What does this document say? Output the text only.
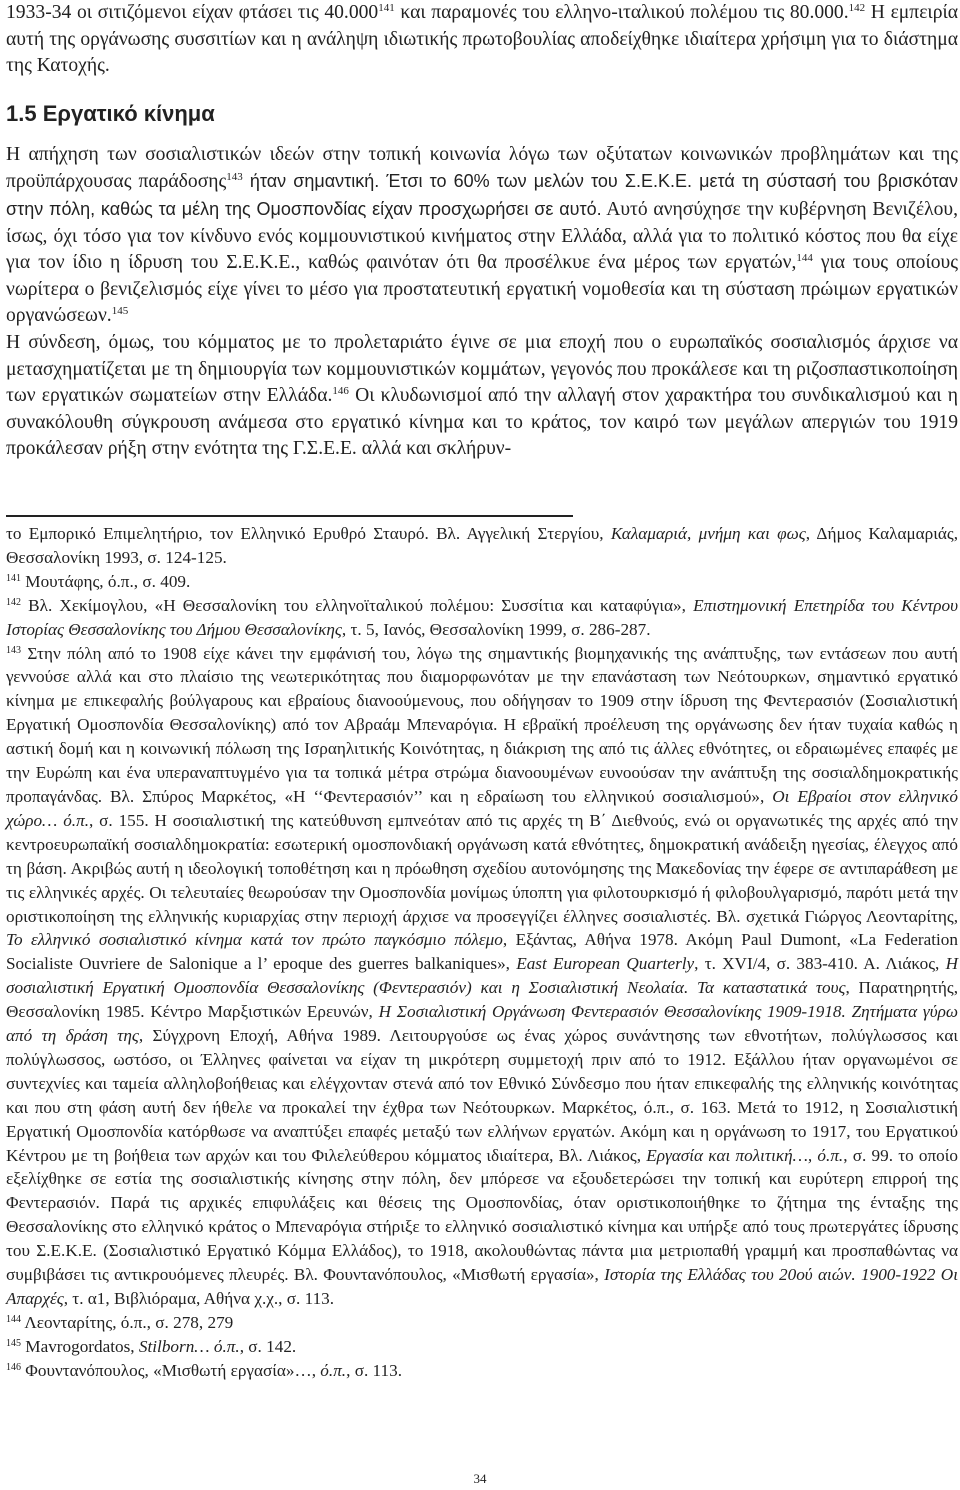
1933-34 οι σιτιζόμενοι είχαν φτάσει τις 40.000$^{141}$ και παραμονές του ελληνο-ιταλικού πολέμου τις 80.000.$^{142}$ Η εμπειρία αυτή της οργάνωσης συσσιτίων και η ανάληψη ιδιωτικής πρωτοβουλίας αποδείχθηκε ιδιαίτερα χρήσιμη για το διάστημα της Κατοχής.

1.5 Εργατικό κίνημα

Η απήχηση των σοσιαλιστικών ιδεών στην τοπική κοινωνία λόγω των οξύτατων κοινωνικών προβλημάτων και της προϋπάρχουσας παράδοσης$^{143}$ ήταν σημαντική. Έτσι το 60% των μελών του Σ.Ε.Κ.Ε. μετά τη σύστασή του βρισκόταν στην πόλη, καθώς τα μέλη της Ομοσπονδίας είχαν προσχωρήσει σε αυτό. Αυτό ανησύχησε την κυβέρνηση Βενιζέλου, ίσως, όχι τόσο για τον κίνδυνο ενός κομμουνιστικού κινήματος στην Ελλάδα, αλλά για το πολιτικό κόστος που θα είχε για τον ίδιο η ίδρυση του Σ.Ε.Κ.Ε., καθώς φαινόταν ότι θα προσέλκυε ένα μέρος των εργατών,$^{144}$ για τους οποίους νωρίτερα ο βενιζελισμός είχε γίνει το μέσο για προστατευτική εργατική νομοθεσία και τη σύσταση πρώιμων εργατικών οργανώσεων.$^{145}$

Η σύνδεση, όμως, του κόμματος με το προλεταριάτο έγινε σε μια εποχή που ο ευρωπαϊκός σοσιαλισμός άρχισε να μετασχηματίζεται με τη δημιουργία των κομμουνιστικών κομμάτων, γεγονός που προκάλεσε και τη ριζοσπαστικοποίηση των εργατικών σωματείων στην Ελλάδα.$^{146}$ Οι κλυδωνισμοί από την αλλαγή στον χαρακτήρα του συνδικαλισμού και η συνακόλουθη σύγκρουση ανάμεσα στο εργατικό κίνημα και το κράτος, τον καιρό των μεγάλων απεργιών του 1919 προκάλεσαν ρήξη στην ενότητα της Γ.Σ.Ε.Ε. αλλά και σκλήρυν-

το Εμπορικό Επιμελητήριο, τον Ελληνικό Ερυθρό Σταυρό. Βλ. Αγγελική Στεργίου, Καλαμαριά, μνήμη και φως, Δήμος Καλαμαριάς, Θεσσαλονίκη 1993, σ. 124-125.

$^{141}$ Μουτάφης, ό.π., σ. 409.

$^{142}$ Βλ. Χεκίμογλου, «Η Θεσσαλονίκη του ελληνοϊταλικού πολέμου: Συσσίτια και καταφύγια», Επιστημονική Επετηρίδα του Κέντρου Ιστορίας Θεσσαλονίκης του Δήμου Θεσσαλονίκης, τ. 5, Ιανός, Θεσσαλονίκη 1999, σ. 286-287.

$^{143}$ Στην πόλη από το 1908 είχε κάνει την εμφάνισή του, λόγω της σημαντικής βιομηχανικής της ανάπτυξης, των εντάσεων που αυτή γεννούσε αλλά και στο πλαίσιο της νεωτερικότητας που διαμορφωνόταν με την επανάσταση των Νεότουρκων, σημαντικό εργατικό κίνημα με επικεφαλής βούλγαρους και εβραίους διανοούμενους, που οδήγησαν το 1909 στην ίδρυση της Φεντερασιόν (Σοσιαλιστική Εργατική Ομοσπονδία Θεσσαλονίκης) από τον Αβραάμ Μπεναρόγια. Η εβραϊκή προέλευση της οργάνωσης δεν ήταν τυχαία καθώς η αστική δομή και η κοινωνική πόλωση της Ισραηλιτικής Κοινότητας, η διάκριση της από τις άλλες εθνότητες, οι εδραιωμένες επαφές με την Ευρώπη και ένα υπεραναπτυγμένο για τα τοπικά μέτρα στρώμα διανοουμένων ευνοούσαν την ανάπτυξη της σοσιαλδημοκρατικής προπαγάνδας. Βλ. Σπύρος Μαρκέτος, «Η ‘‘Φεντερασιόν’’ και η εδραίωση του ελληνικού σοσιαλισμού», Οι Εβραίοι στον ελληνικό χώρο… ό.π., σ. 155. Η σοσιαλιστική της κατεύθυνση εμπνεόταν από τις αρχές τη Β΄ Διεθνούς, ενώ οι οργανωτικές της αρχές από την κεντροευρωπαϊκή σοσιαλδημοκρατία: εσωτερική ομοσπονδιακή οργάνωση κατά εθνότητες, δημοκρατική ανάδειξη ηγεσίας, έλεγχος από τη βάση. Ακριβώς αυτή η ιδεολογική τοποθέτηση και η πρόωθηση σχεδίου αυτονόμησης της Μακεδονίας την έφερε σε αντιπαράθεση με τις ελληνικές αρχές. Οι τελευταίες θεωρούσαν την Ομοσπονδία μονίμως ύποπτη για φιλοτουρκισμό ή φιλοβουλγαρισμό, παρότι μετά την οριστικοποίηση της ελληνικής κυριαρχίας στην περιοχή άρχισε να προσεγγίζει έλληνες σοσιαλιστές. Βλ. σχετικά Γιώργος Λεονταρίτης, Το ελληνικό σοσιαλιστικό κίνημα κατά τον πρώτο παγκόσμιο πόλεμο, Εξάντας, Αθήνα 1978. Ακόμη Paul Dumont, «La Federation Socialiste Ouvriere de Salonique a l’ epoque des guerres balkaniques», East European Quarterly, τ. XVI/4, σ. 383-410. Α. Λιάκος, Η σοσιαλιστική Εργατική Ομοσπονδία Θεσσαλονίκης (Φεντερασιόν) και η Σοσιαλιστική Νεολαία. Τα καταστατικά τους, Παρατηρητής, Θεσσαλονίκη 1985. Κέντρο Μαρξιστικών Ερευνών, Η Σοσιαλιστική Οργάνωση Φεντερασιόν Θεσσαλονίκης 1909-1918. Ζητήματα γύρω από τη δράση της, Σύγχρονη Εποχή, Αθήνα 1989. Λειτουργούσε ως ένας χώρος συνάντησης των εθνοτήτων, πολύγλωσσος και πολύγλωσσος, ωστόσο, οι Έλληνες φαίνεται να είχαν τη μικρότερη συμμετοχή πριν από το 1912. Εξάλλου ήταν οργανωμένοι σε συντεχνίες και ταμεία αλληλοβοήθειας και ελέγχονταν στενά από τον Εθνικό Σύνδεσμο που ήταν επικεφαλής της ελληνικής κοινότητας και που στη φάση αυτή δεν ήθελε να προκαλεί την έχθρα των Νεότουρκων. Μαρκέτος, ό.π., σ. 163. Μετά το 1912, η Σοσιαλιστική Εργατική Ομοσπονδία κατόρθωσε να αναπτύξει επαφές μεταξύ των ελλήνων εργατών. Ακόμη και η οργάνωση το 1917, του Εργατικού Κέντρου με τη βοήθεια των αρχών και του Φιλελεύθερου κόμματος ιδιαίτερα, Βλ. Λιάκος, Εργασία και πολιτική…, ό.π., σ. 99. το οποίο εξελίχθηκε σε εστία της σοσιαλιστικής κίνησης στην πόλη, δεν μπόρεσε να εξουδετερώσει την τοπική και ευρύτερη επιρροή της Φεντερασιόν. Παρά τις αρχικές επιφυλάξεις και θέσεις της Ομοσπονδίας, όταν οριστικοποιήθηκε το ζήτημα της ένταξης της Θεσσαλονίκης στο ελληνικό κράτος ο Μπεναρόγια στήριξε το ελληνικό σοσιαλιστικό κίνημα και υπήρξε από τους πρωτεργάτες ίδρυσης του Σ.Ε.Κ.Ε. (Σοσιαλιστικό Εργατικό Κόμμα Ελλάδος), το 1918, ακολουθώντας πάντα μια μετριοπαθή γραμμή και προσπαθώντας να συμβιβάσει τις αντικρουόμενες πλευρές. Βλ. Φουντανόπουλος, «Μισθωτή εργασία», Ιστορία της Ελλάδας του 20ού αιών. 1900-1922 Οι Απαρχές, τ. α1, Βιβλιόραμα, Αθήνα χ.χ., σ. 113.

$^{144}$ Λεονταρίτης, ό.π., σ. 278, 279

$^{145}$ Mavrogordatos, Stilborn… ό.π., σ. 142.

$^{146}$ Φουντανόπουλος, «Μισθωτή εργασία»…, ό.π., σ. 113.

34
